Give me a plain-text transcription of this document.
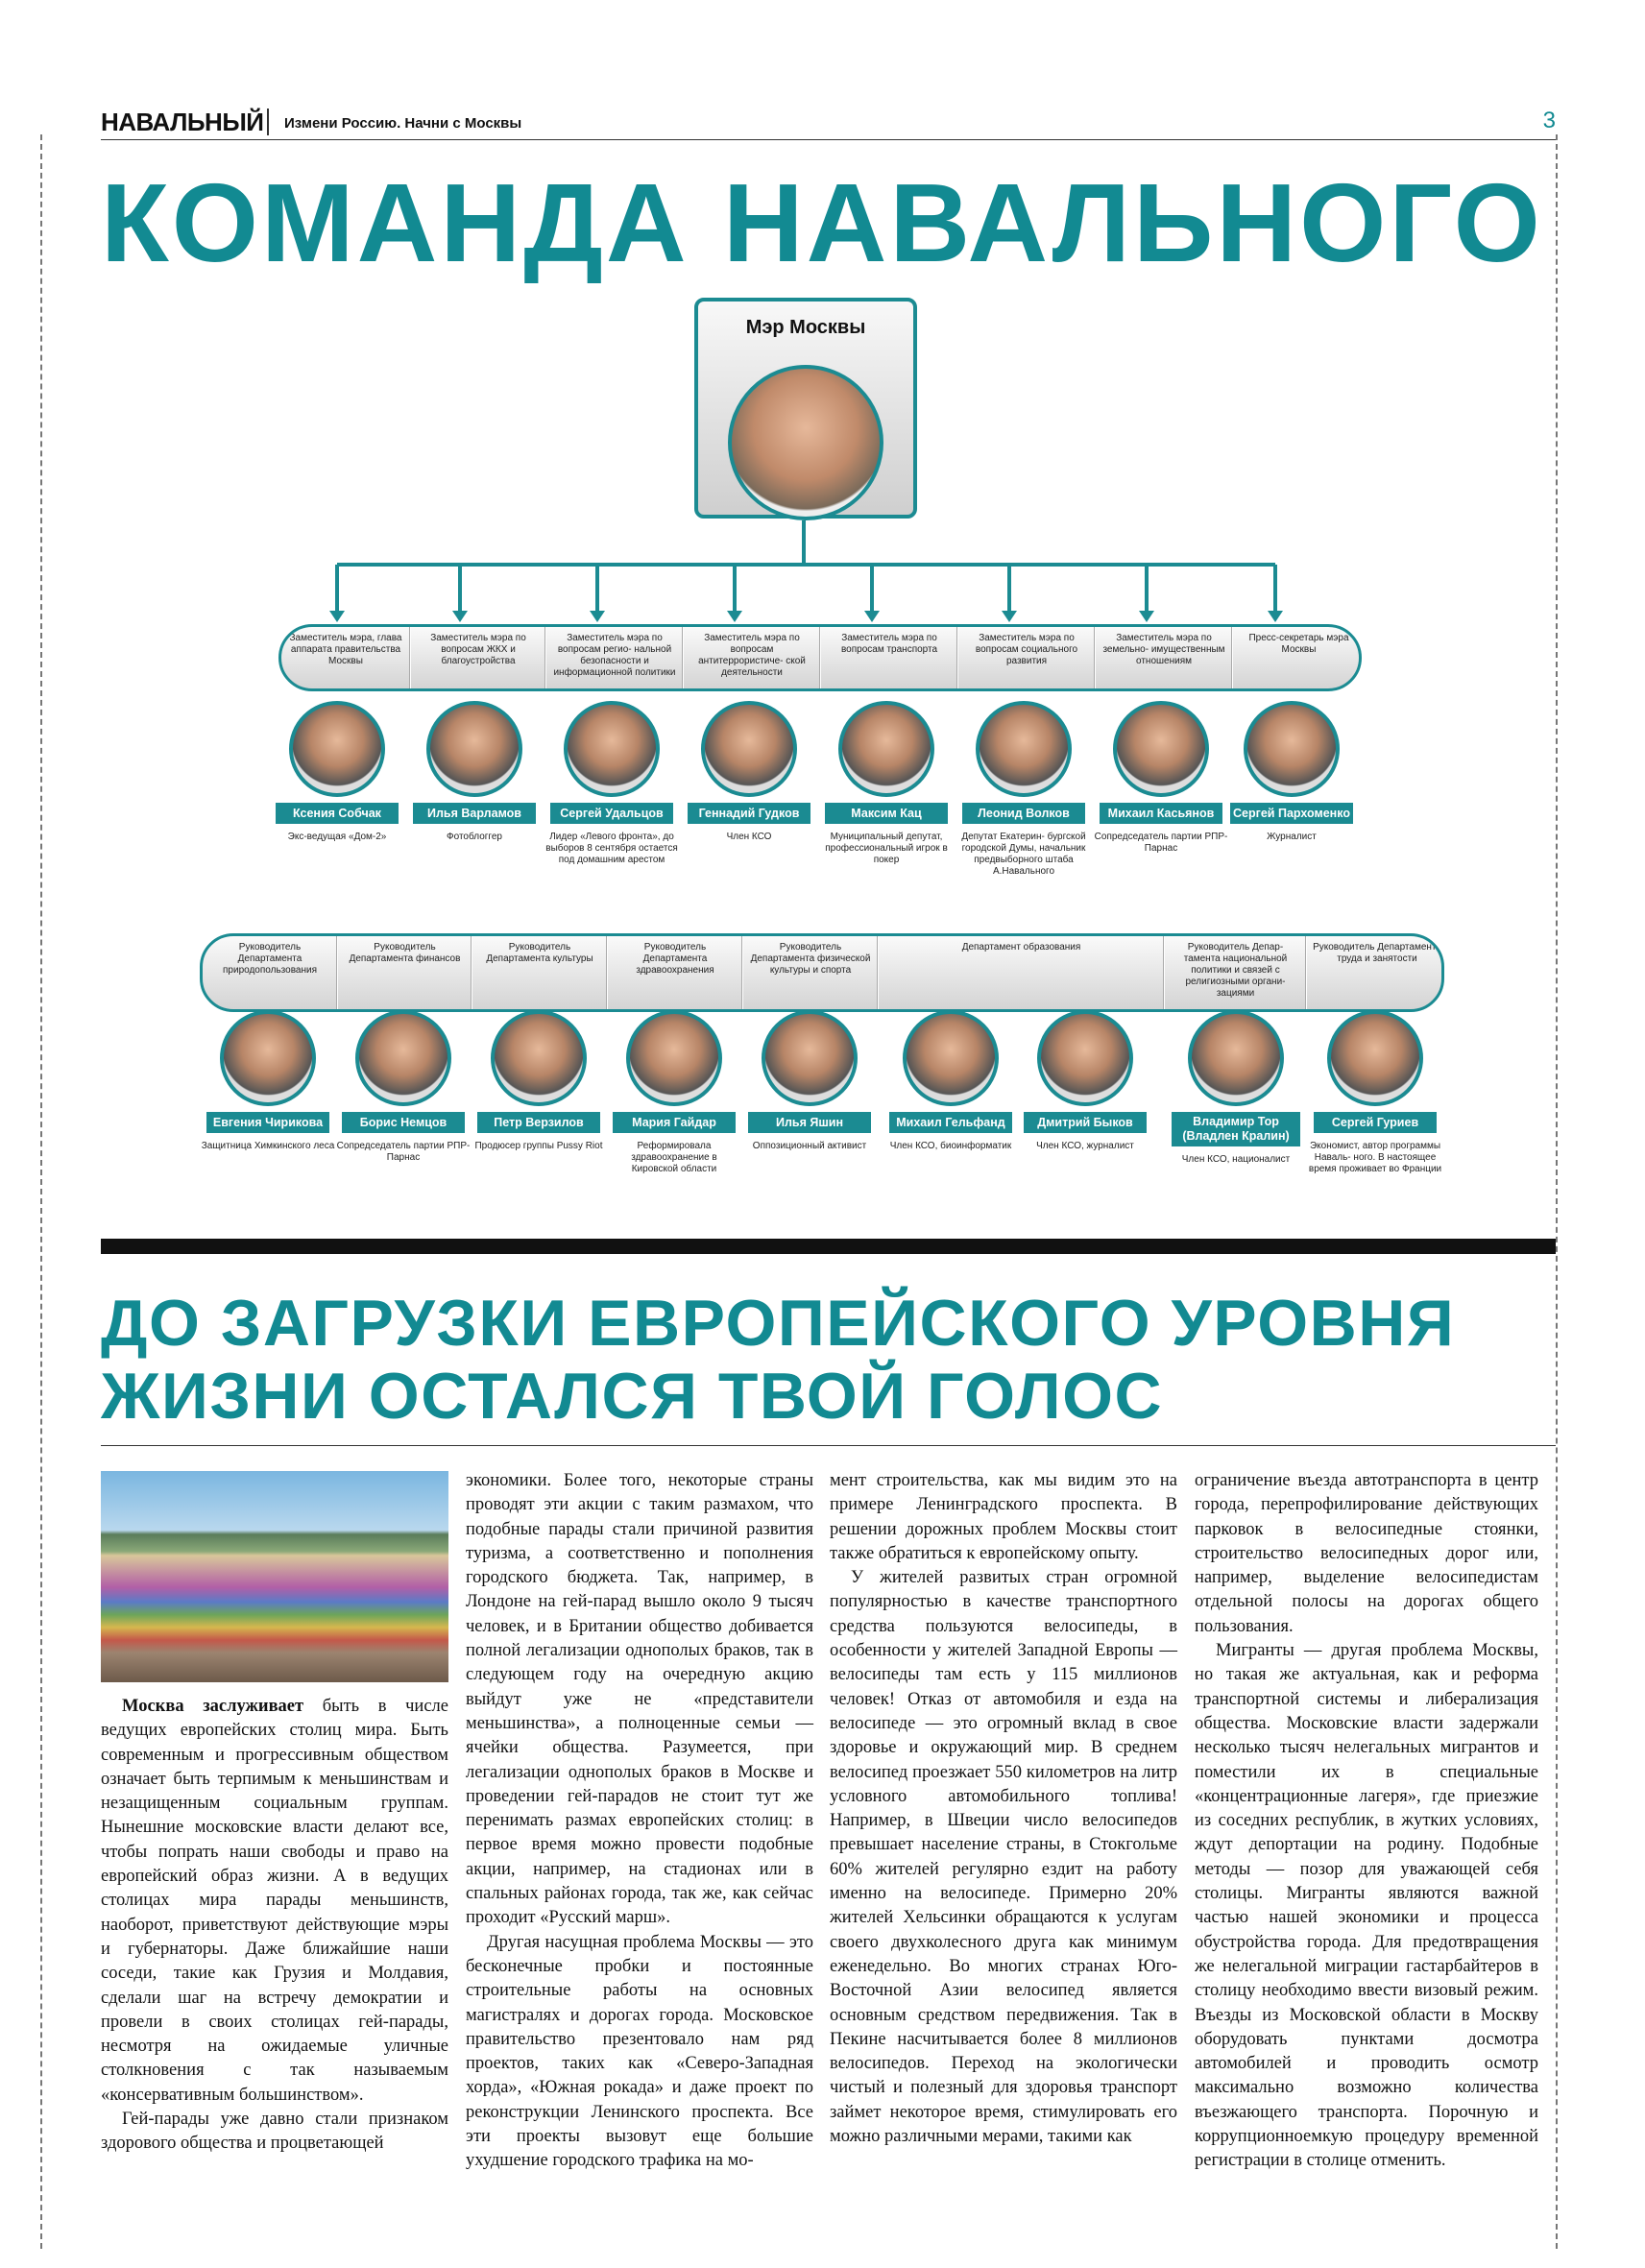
НАВАЛЬНЫЙ Измени Россию. Начни с Москвы	3
КОМАНДА НАВАЛЬНОГО
Мэр Москвы
Заместитель мэра, глава аппарата правительства Москвы
Заместитель мэра по вопросам ЖКХ и благоустройства
Заместитель мэра по вопросам регио- нальной безопасности и информационной политики
Заместитель мэра по вопросам антитеррористиче- ской деятельности
Заместитель мэра по вопросам транспорта
Заместитель мэра по вопросам социального развития
Заместитель мэра по земельно- имущественным отношениям
Пресс-секретарь мэра Москвы
Ксения Собчак
Экс-ведущая «Дом-2»
Илья Варламов
Фотоблоггер
Сергей Удальцов
Лидер «Левого фронта», до выборов 8 сентября остается под домашним арестом
Геннадий Гудков
Член КСО
Максим Кац
Муниципальный депутат, профессиональный игрок в покер
Леонид Волков
Депутат Екатерин- бургской городской Думы, начальник предвыборного штаба А.Навального
Михаил Касьянов
Сопредседатель партии РПР-Парнас
Сергей Пархоменко
Журналист
Руководитель Департамента природопользования
Руководитель Департамента финансов
Руководитель Департамента культуры
Руководитель Департамента здравоохранения
Руководитель Департамента физической культуры и спорта
Департамент образования	Руководитель Депар- тамента национальной политики и связей с религиозными органи- зациями
Руководитель Департамента труда и занятости
Евгения Чирикова
Защитница Химкинского леса
Борис Немцов
Сопредседатель партии РПР-Парнас
Петр Верзилов
Продюсер группы Pussy Riot
Мария Гайдар
Реформировала здравоохранение в Кировской области
Илья Яшин
Оппозиционный активист
Михаил Гельфанд
Член КСО, биоинформатик
Дмитрий Быков
Член КСО, журналист
Владимир Тор (Владлен Кралин)
Член КСО, националист
Сергей Гуриев
Экономист, автор программы Наваль- ного. В настоящее время проживает во Франции
ДО ЗАГРУЗКИ ЕВРОПЕЙСКОГО УРОВНЯ ЖИЗНИ ОСТАЛСЯ ТВОЙ ГОЛОС

Москва заслуживает быть в числе ведущих европейских столиц мира. Быть современным и прогрессивным обществом означает быть терпимым к меньшинствам и незащищенным социальным группам. Нынешние московские власти делают все, чтобы попрать наши свободы и право на европейский образ жизни. А в ведущих столицах мира парады меньшинств, наоборот, приветствуют действующие мэры и губернаторы. Даже ближайшие наши соседи, такие как Грузия и Молдавия, сделали шаг на встречу демократии и провели в своих столицах гей-парады, несмотря на ожидаемые уличные столкновения с так называемым «консервативным большинством».

Гей-парады уже давно стали признаком здорового общества и процветающей

экономики. Более того, некоторые страны проводят эти акции с таким размахом, что подобные парады стали причиной развития туризма, а соответственно и пополнения городского бюджета. Так, например, в Лондоне на гей-парад вышло около 9 тысяч человек, и в Британии общество добивается полной легализации однополых браков, так в следующем году на очередную акцию выйдут уже не «представители меньшинства», а полноценные семьи — ячейки общества. Разумеется, при легализации однополых браков в Москве и проведении гей-парадов не стоит тут же перенимать размах европейских столиц: в первое время можно провести подобные акции, например, на стадионах или в спальных районах города, так же, как сейчас проходит «Русский марш».

Другая насущная проблема Москвы — это бесконечные пробки и постоянные строительные работы на основных магистралях и дорогах города. Московское правительство презентовало нам ряд проектов, таких как «Северо-Западная хорда», «Южная рокада» и даже проект по реконструкции Ленинского проспекта. Все эти проекты вызовут еще большие ухудшение городского трафика на мо-

мент строительства, как мы видим это на примере Ленинградского проспекта. В решении дорожных проблем Москвы стоит также обратиться к европейскому опыту.

У жителей развитых стран огромной популярностью в качестве транспортного средства пользуются велосипеды, в особенности у жителей Западной Европы — велосипеды там есть у 115 миллионов человек! Отказ от автомобиля и езда на велосипеде — это огромный вклад в свое здоровье и окружающий мир. В среднем велосипед проезжает 550 километров на литр условного автомобильного топлива! Например, в Швеции число велосипедов превышает население страны, в Стокгольме 60% жителей регулярно ездит на работу именно на велосипеде. Примерно 20% жителей Хельсинки обращаются к услугам своего двухколесного друга как минимум еженедельно. Во многих странах Юго-Восточной Азии велосипед является основным средством передвижения. Так в Пекине насчитывается более 8 миллионов велосипедов. Переход на экологически чистый и полезный для здоровья транспорт займет некоторое время, стимулировать его можно различными мерами, такими как

ограничение въезда автотранспорта в центр города, перепрофилирование действующих парковок в велосипедные стоянки, строительство велосипедных дорог или, например, выделение велосипедистам отдельной полосы на дорогах общего пользования.

Мигранты — другая проблема Москвы, но такая же актуальная, как и реформа транспортной системы и либерализация общества. Московские власти задержали несколько тысяч нелегальных мигрантов и поместили их в специальные «концентрационные лагеря», где приезжие из соседних республик, в жутких условиях, ждут депортации на родину. Подобные методы — позор для уважающей себя столицы. Мигранты являются важной частью нашей экономики и процесса обустройства города. Для предотвращения же нелегальной миграции гастарбайтеров в столицу необходимо ввести визовый режим. Въезды из Московской области в Москву оборудовать пунктами досмотра автомобилей и проводить осмотр максимально возможно количества въезжающего транспорта. Порочную и коррупционноемкую процедуру временной регистрации в столице отменить.
